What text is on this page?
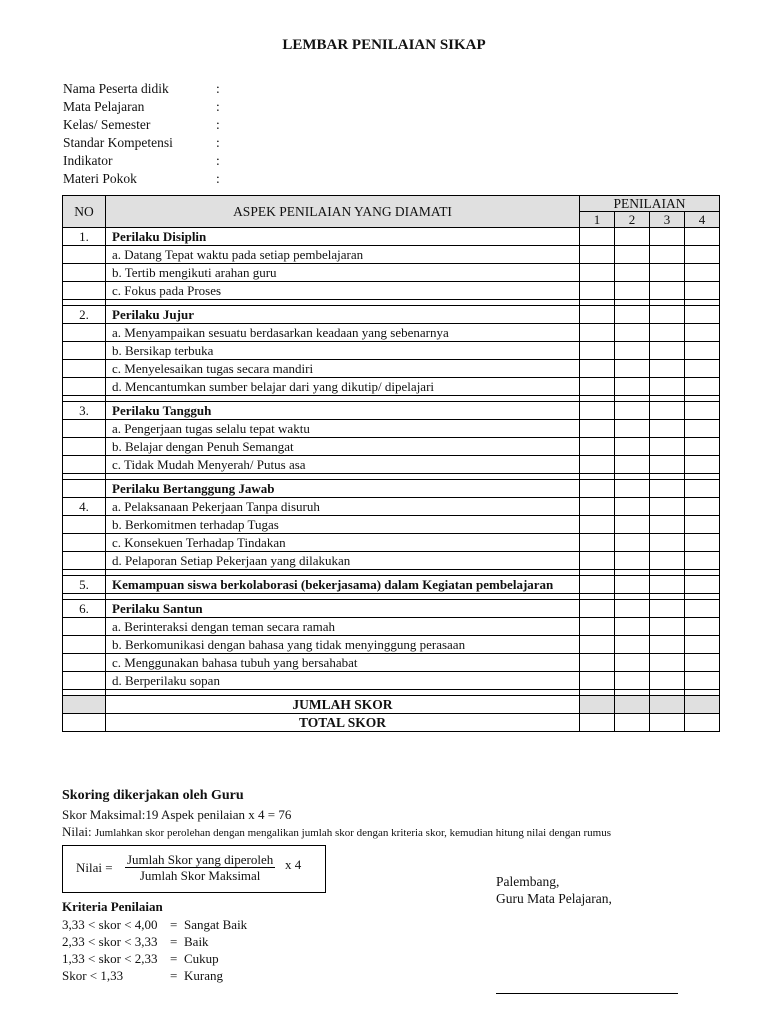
LEMBAR PENILAIAN SIKAP
Nama Peserta didik	:
Mata Pelajaran	:
Kelas/ Semester	:
Standar Kompetensi	:
Indikator	:
Materi Pokok	:
NO	ASPEK PENILAIAN YANG DIAMATI	PENILAIAN			
		1	2	3	4
1.	Perilaku Disiplin				
	a. Datang Tepat waktu pada setiap pembelajaran				
	b. Tertib mengikuti arahan guru				
	c. Fokus pada Proses				

2.	Perilaku Jujur				
	a. Menyampaikan sesuatu berdasarkan keadaan yang sebenarnya				
	b. Bersikap terbuka				
	c. Menyelesaikan tugas secara mandiri				
	d. Mencantumkan sumber belajar dari yang dikutip/ dipelajari				

3.	Perilaku Tangguh				
	a. Pengerjaan tugas selalu tepat waktu				
	b. Belajar dengan Penuh Semangat				
	c. Tidak Mudah Menyerah/ Putus asa				

	Perilaku Bertanggung Jawab				
4.	a. Pelaksanaan Pekerjaan Tanpa disuruh				
	b. Berkomitmen terhadap Tugas				
	c. Konsekuen Terhadap Tindakan				
	d. Pelaporan Setiap Pekerjaan yang dilakukan				

5.	Kemampuan siswa berkolaborasi (bekerjasama) dalam Kegiatan pembelajaran				

6.	Perilaku Santun				
	a. Berinteraksi dengan teman secara ramah				
	b. Berkomunikasi dengan bahasa yang tidak menyinggung perasaan				
	c. Menggunakan bahasa tubuh yang bersahabat				
	d. Berperilaku sopan				

	JUMLAH SKOR				
	TOTAL SKOR				
Skoring dikerjakan oleh Guru
Skor Maksimal:19 Aspek penilaian x 4 = 76
Nilai: Jumlahkan skor perolehan dengan mengalikan jumlah skor dengan kriteria skor, kemudian hitung nilai dengan rumus
Nilai =
Jumlah Skor yang diperoleh
Jumlah Skor Maksimal
x 4
Kriteria Penilaian
3,33 < skor < 4,00 = Sangat Baik
2,33 < skor < 3,33 = Baik
1,33 < skor < 2,33 = Cukup
Skor < 1,33	= Kurang
Palembang,
Guru Mata Pelajaran,
